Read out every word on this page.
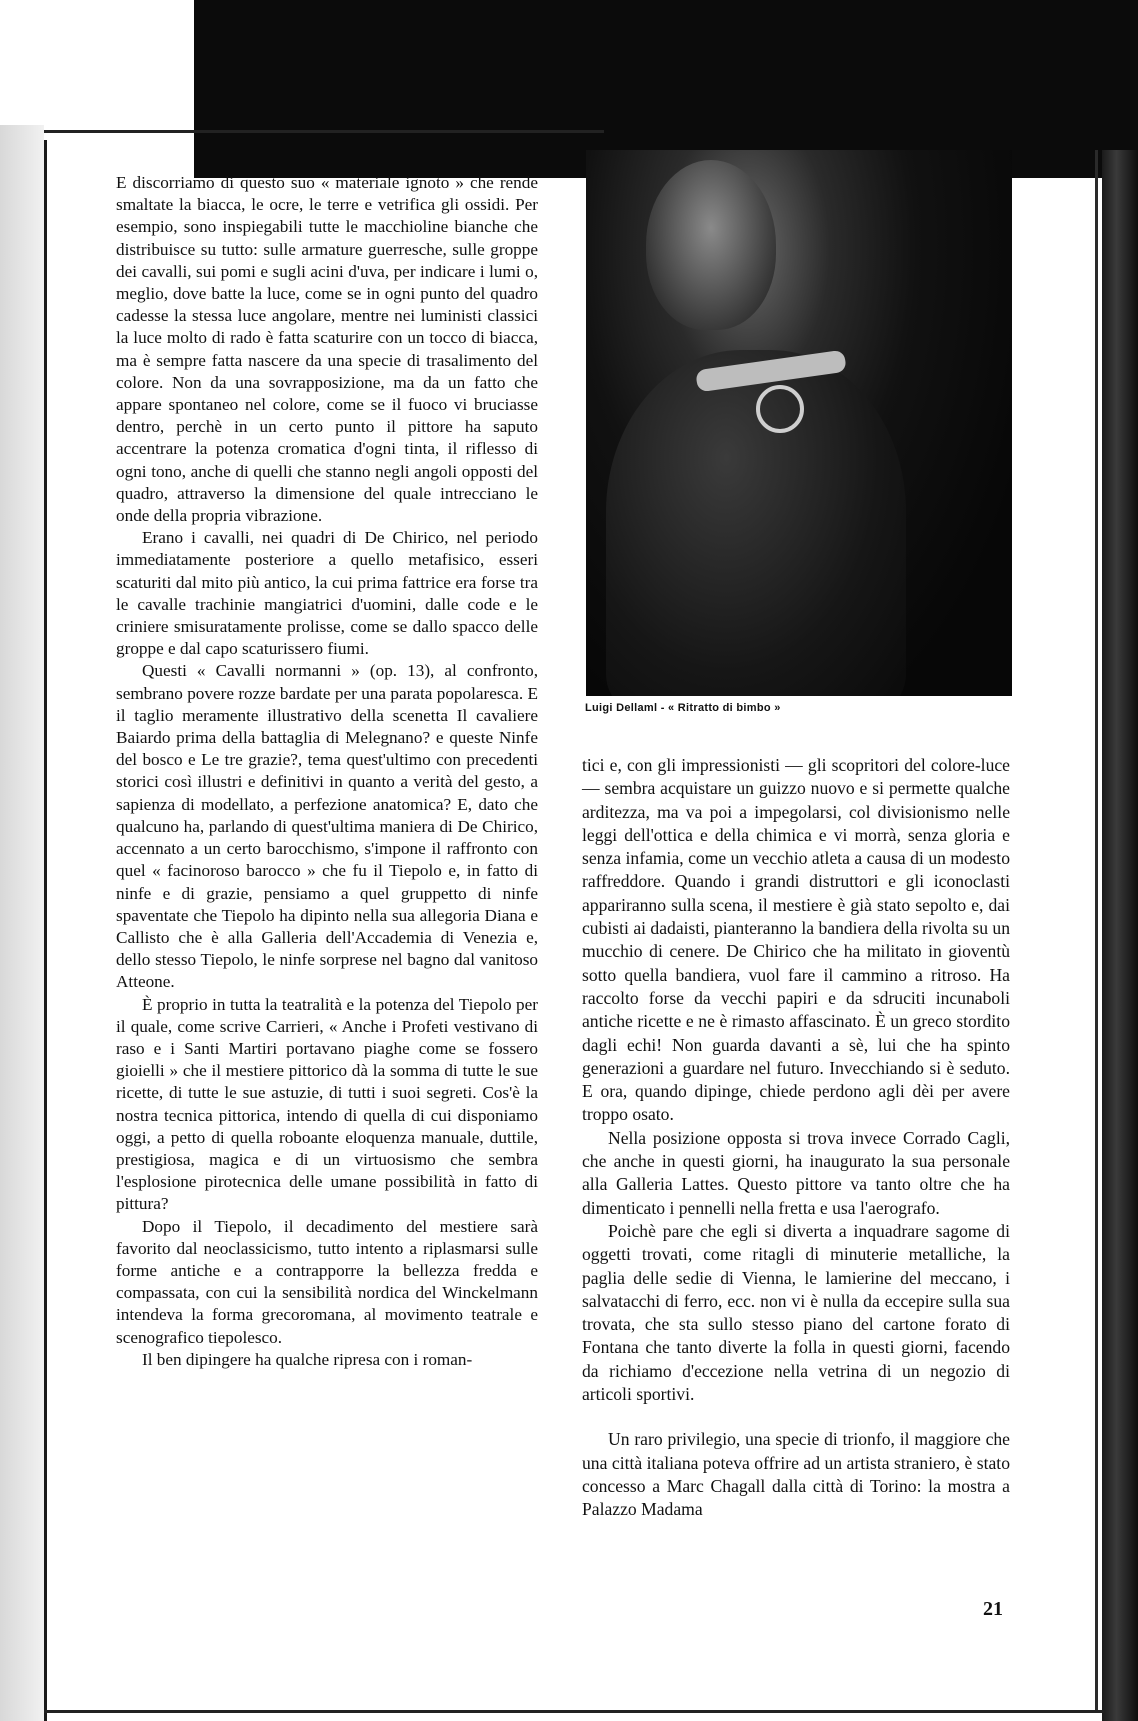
E discorriamo di questo suo « materiale ignoto » che rende smaltate la biacca, le ocre, le terre e vetrifica gli ossidi. Per esempio, sono inspiegabili tutte le macchioline bianche che distribuisce su tutto: sulle armature guerresche, sulle groppe dei cavalli, sui pomi e sugli acini d'uva, per indicare i lumi o, meglio, dove batte la luce, come se in ogni punto del quadro cadesse la stessa luce angolare, mentre nei luministi classici la luce molto di rado è fatta scaturire con un tocco di biacca, ma è sempre fatta nascere da una specie di trasalimento del colore. Non da una sovrapposizione, ma da un fatto che appare spontaneo nel colore, come se il fuoco vi bruciasse dentro, perchè in un certo punto il pittore ha saputo accentrare la potenza cromatica d'ogni tinta, il riflesso di ogni tono, anche di quelli che stanno negli angoli opposti del quadro, attraverso la dimensione del quale intrecciano le onde della propria vibrazione.

Erano i cavalli, nei quadri di De Chirico, nel periodo immediatamente posteriore a quello metafisico, esseri scaturiti dal mito più antico, la cui prima fattrice era forse tra le cavalle trachinie mangiatrici d'uomini, dalle code e le criniere smisuratamente prolisse, come se dallo spacco delle groppe e dal capo scaturissero fiumi.

Questi « Cavalli normanni » (op. 13), al confronto, sembrano povere rozze bardate per una parata popolaresca. E il taglio meramente illustrativo della scenetta Il cavaliere Baiardo prima della battaglia di Melegnano? e queste Ninfe del bosco e Le tre grazie?, tema quest'ultimo con precedenti storici così illustri e definitivi in quanto a verità del gesto, a sapienza di modellato, a perfezione anatomica? E, dato che qualcuno ha, parlando di quest'ultima maniera di De Chirico, accennato a un certo barocchismo, s'impone il raffronto con quel « facinoroso barocco » che fu il Tiepolo e, in fatto di ninfe e di grazie, pensiamo a quel gruppetto di ninfe spaventate che Tiepolo ha dipinto nella sua allegoria Diana e Callisto che è alla Galleria dell'Accademia di Venezia e, dello stesso Tiepolo, le ninfe sorprese nel bagno dal vanitoso Atteone.

È proprio in tutta la teatralità e la potenza del Tiepolo per il quale, come scrive Carrieri, « Anche i Profeti vestivano di raso e i Santi Martiri portavano piaghe come se fossero gioielli » che il mestiere pittorico dà la somma di tutte le sue ricette, di tutte le sue astuzie, di tutti i suoi segreti. Cos'è la nostra tecnica pittorica, intendo di quella di cui disponiamo oggi, a petto di quella roboante eloquenza manuale, duttile, prestigiosa, magica e di un virtuosismo che sembra l'esplosione pirotecnica delle umane possibilità in fatto di pittura?

Dopo il Tiepolo, il decadimento del mestiere sarà favorito dal neoclassicismo, tutto intento a riplasmarsi sulle forme antiche e a contrapporre la bellezza fredda e compassata, con cui la sensibilità nordica del Winckelmann intendeva la forma grecoromana, al movimento teatrale e scenografico tiepolesco.

Il ben dipingere ha qualche ripresa con i roman-

Luigi Dellaml - « Ritratto di bimbo »

tici e, con gli impressionisti — gli scopritori del colore-luce — sembra acquistare un guizzo nuovo e si permette qualche arditezza, ma va poi a impegolarsi, col divisionismo nelle leggi dell'ottica e della chimica e vi morrà, senza gloria e senza infamia, come un vecchio atleta a causa di un modesto raffreddore. Quando i grandi distruttori e gli iconoclasti appariranno sulla scena, il mestiere è già stato sepolto e, dai cubisti ai dadaisti, pianteranno la bandiera della rivolta su un mucchio di cenere. De Chirico che ha militato in gioventù sotto quella bandiera, vuol fare il cammino a ritroso. Ha raccolto forse da vecchi papiri e da sdruciti incunaboli antiche ricette e ne è rimasto affascinato. È un greco stordito dagli echi! Non guarda davanti a sè, lui che ha spinto generazioni a guardare nel futuro. Invecchiando si è seduto. E ora, quando dipinge, chiede perdono agli dèi per avere troppo osato.

Nella posizione opposta si trova invece Corrado Cagli, che anche in questi giorni, ha inaugurato la sua personale alla Galleria Lattes. Questo pittore va tanto oltre che ha dimenticato i pennelli nella fretta e usa l'aerografo.

Poichè pare che egli si diverta a inquadrare sagome di oggetti trovati, come ritagli di minuterie metalliche, la paglia delle sedie di Vienna, le lamierine del meccano, i salvatacchi di ferro, ecc. non vi è nulla da eccepire sulla sua trovata, che sta sullo stesso piano del cartone forato di Fontana che tanto diverte la folla in questi giorni, facendo da richiamo d'eccezione nella vetrina di un negozio di articoli sportivi.

Un raro privilegio, una specie di trionfo, il maggiore che una città italiana poteva offrire ad un artista straniero, è stato concesso a Marc Chagall dalla città di Torino: la mostra a Palazzo Madama

21
